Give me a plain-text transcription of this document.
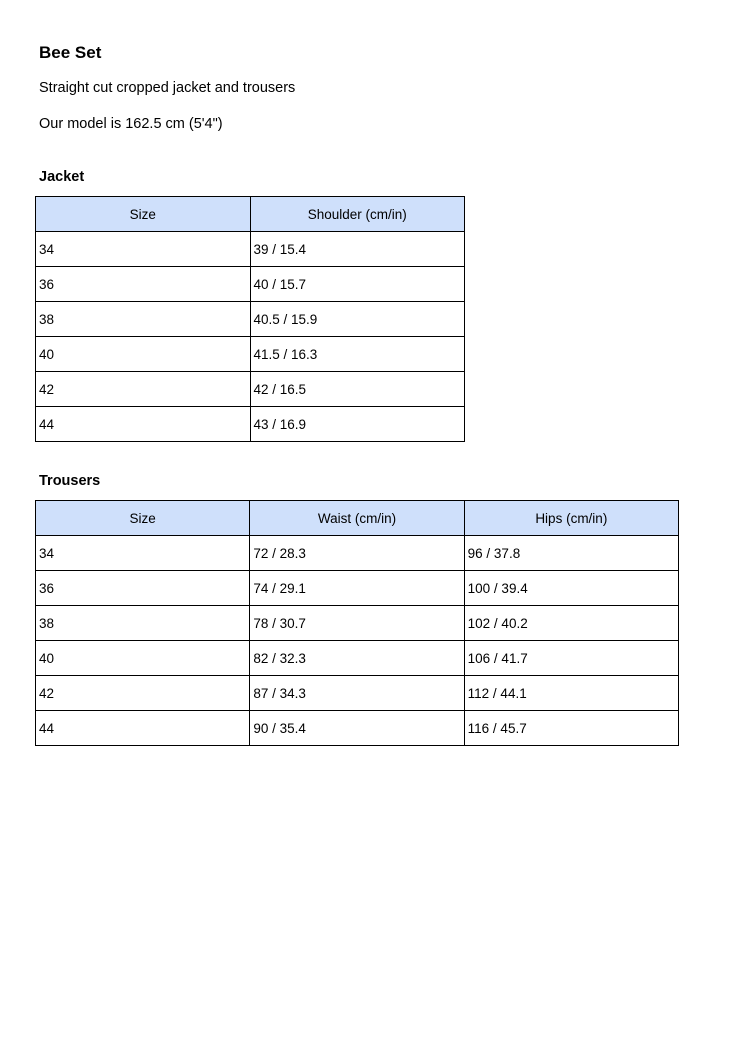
Bee Set

Straight cut cropped jacket and trousers

Our model is 162.5 cm (5'4")

Jacket
Size	Shoulder (cm/in)
34	39 / 15.4
36	40 / 15.7
38	40.5 / 15.9
40	41.5 / 16.3
42	42 / 16.5
44	43 / 16.9
Trousers
Size	Waist (cm/in)	Hips (cm/in)
34	72 / 28.3	96 / 37.8
36	74 / 29.1	100 / 39.4
38	78 / 30.7	102 / 40.2
40	82 / 32.3	106 / 41.7
42	87 / 34.3	112 / 44.1
44	90 / 35.4	116 / 45.7
